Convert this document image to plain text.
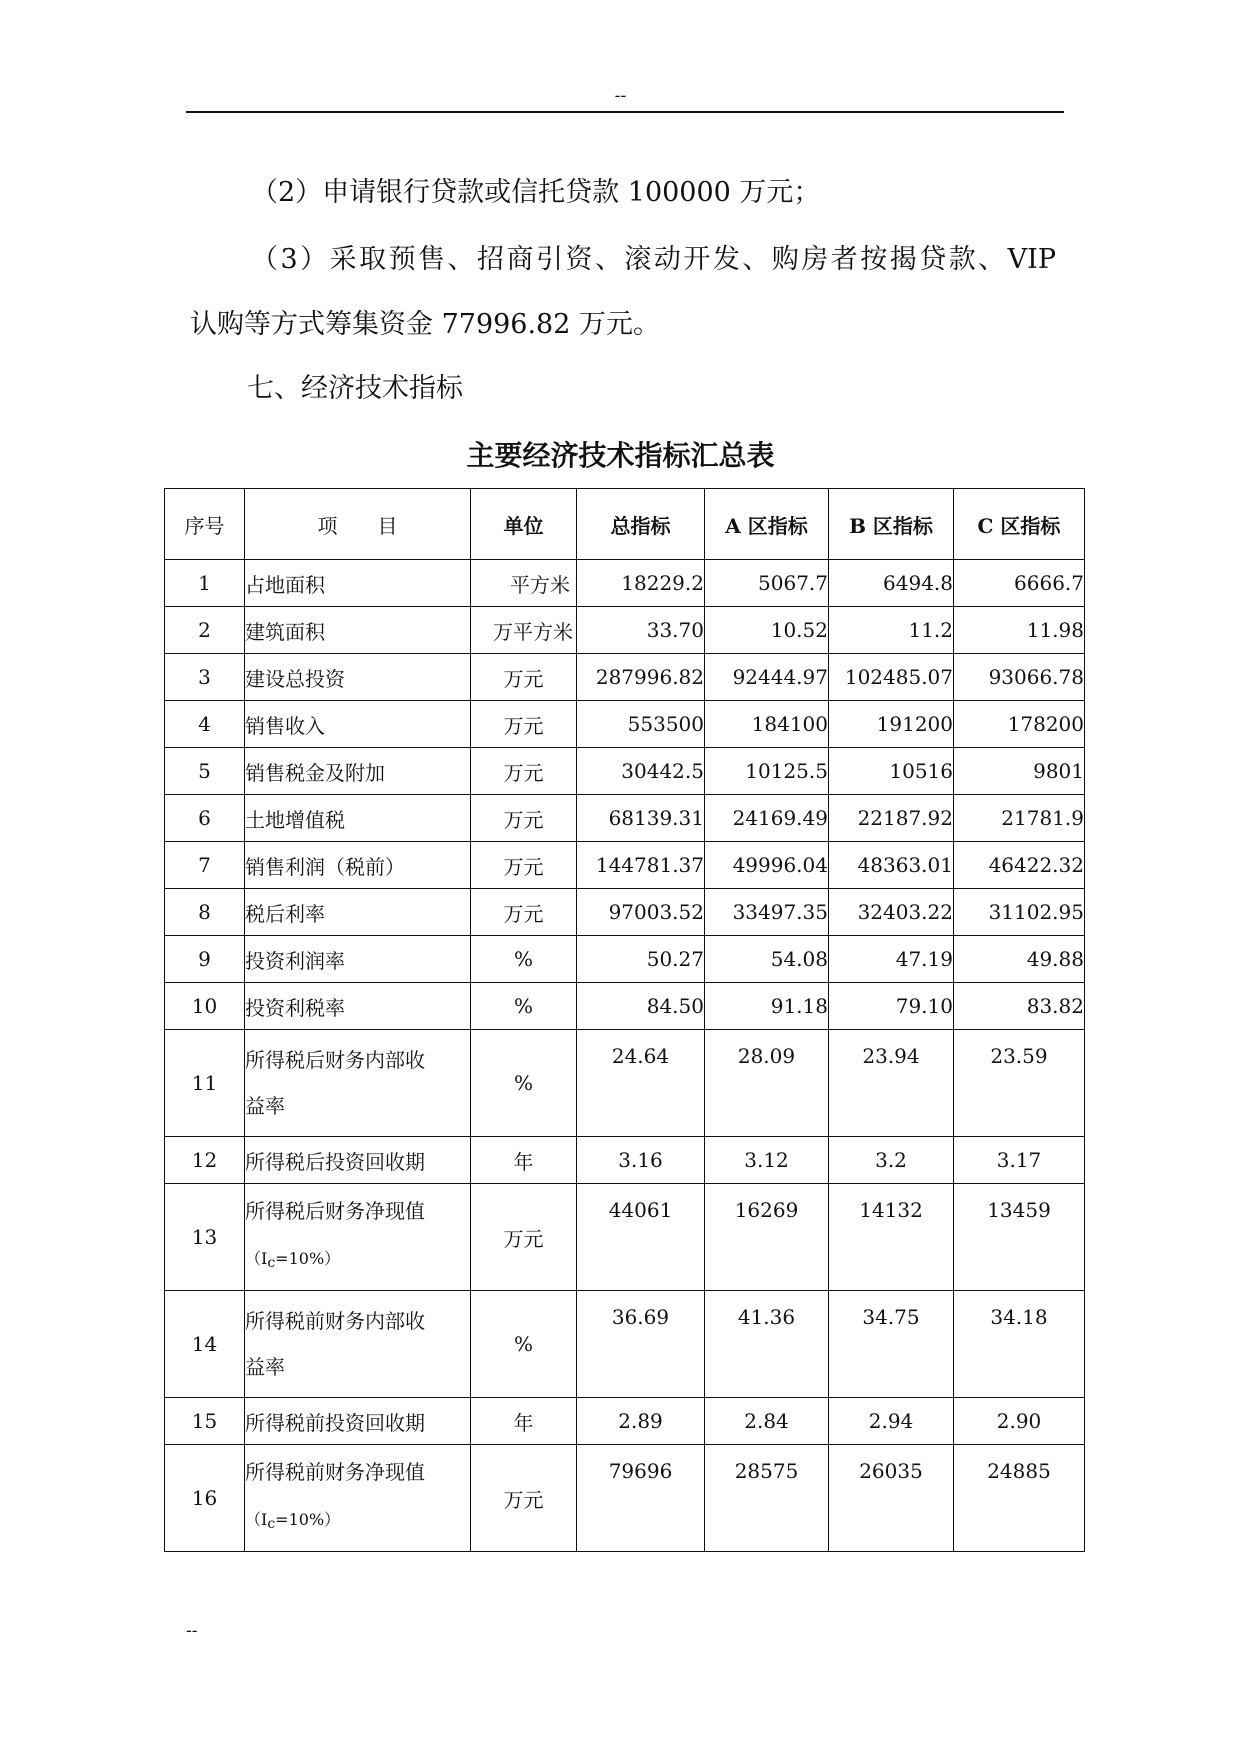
--
（2）申请银行贷款或信托贷款 100000 万元；
（3）采取预售、招商引资、滚动开发、购房者按揭贷款、VIP
认购等方式筹集资金 77996.82 万元。
七、经济技术指标
主要经济技术指标汇总表
序号	项　　目	单位	总指标	A 区指标	B 区指标	C 区指标
1	占地面积	平方米	18229.2	5067.7	6494.8	6666.7
2	建筑面积	万平方米	33.70	10.52	11.2	11.98
3	建设总投资	万元	287996.82	92444.97	102485.07	93066.78
4	销售收入	万元	553500	184100	191200	178200
5	销售税金及附加	万元	30442.5	10125.5	10516	9801
6	土地增值税	万元	68139.31	24169.49	22187.92	21781.9
7	销售利润（税前）	万元	144781.37	49996.04	48363.01	46422.32
8	税后利率	万元	97003.52	33497.35	32403.22	31102.95
9	投资利润率	%	50.27	54.08	47.19	49.88
10	投资利税率	%	84.50	91.18	79.10	83.82
11	所得税后财务内部收
益率	%	24.64	28.09	23.94	23.59
12	所得税后投资回收期	年	3.16	3.12	3.2	3.17
13	所得税后财务净现值
（Ic=10%）	万元	44061	16269	14132	13459
14	所得税前财务内部收
益率	%	36.69	41.36	34.75	34.18
15	所得税前投资回收期	年	2.89	2.84	2.94	2.90
16	所得税前财务净现值
（Ic=10%）	万元	79696	28575	26035	24885
--
